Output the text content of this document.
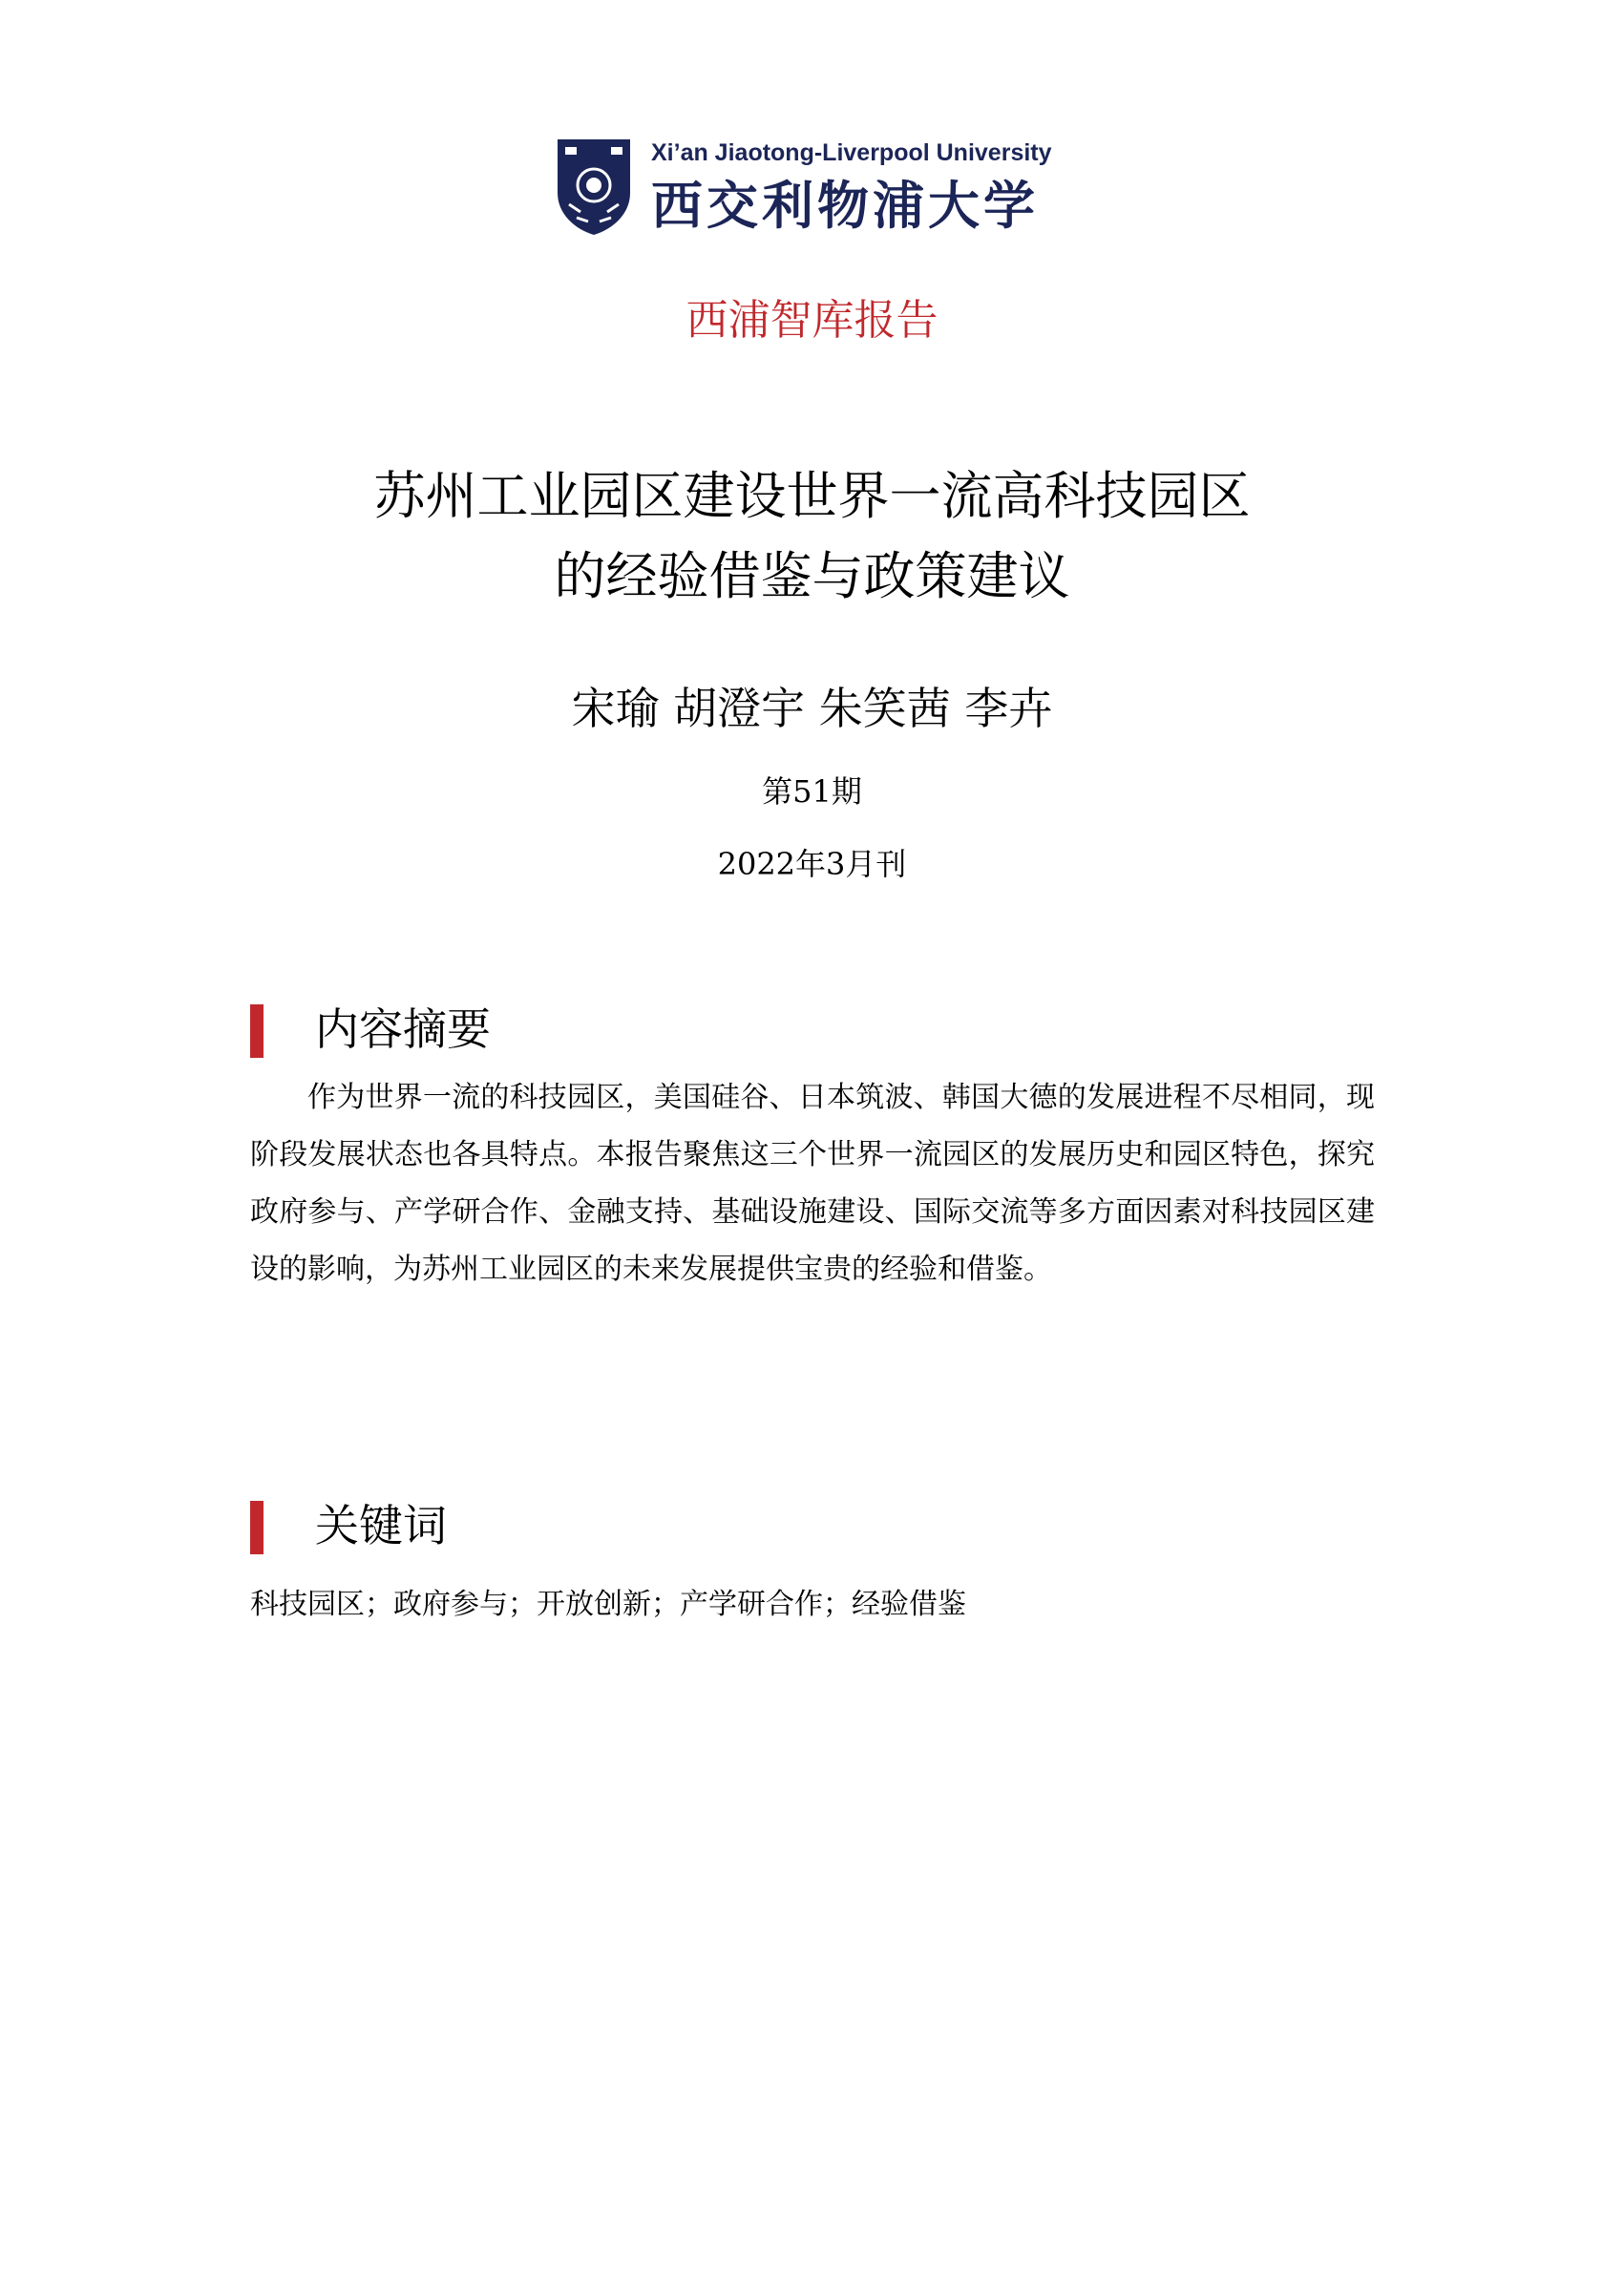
Xi’an Jiaotong-Liverpool University
西交利物浦大学
西浦智库报告
苏州工业园区建设世界一流高科技园区
的经验借鉴与政策建议
宋瑜 胡澄宇 朱笑茜 李卉
第51期
2022年3月刊
内容摘要

作为世界一流的科技园区，美国硅谷、日本筑波、韩国大德的发展进程不尽相同，现阶段发展状态也各具特点。本报告聚焦这三个世界一流园区的发展历史和园区特色，探究政府参与、产学研合作、金融支持、基础设施建设、国际交流等多方面因素对科技园区建设的影响，为苏州工业园区的未来发展提供宝贵的经验和借鉴。

关键词
科技园区；政府参与；开放创新；产学研合作；经验借鉴
